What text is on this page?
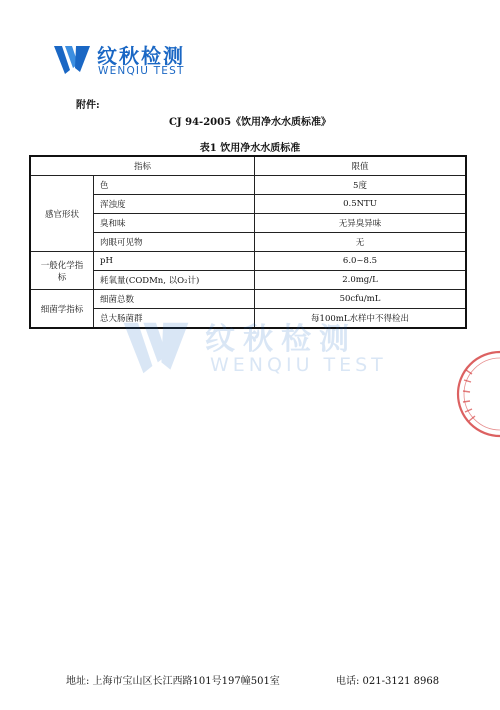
纹秋检测
WENQIU TEST
附件:
CJ 94-2005《饮用净水水质标准》
表1 饮用净水水质标准
指标		限值
感官形状	色	5度
	浑浊度	0.5NTU
	臭和味	无异臭异味
	肉眼可见物	无
一般化学指标	pH	6.0~8.5
	耗氧量(CODMn, 以O₂计)	2.0mg/L
细菌学指标	细菌总数	50cfu/mL
	总大肠菌群	每100mL水样中不得检出
纹秋检测
WENQIU TEST
地址: 上海市宝山区长江西路101号197幢501室	电话: 021-3121 8968
